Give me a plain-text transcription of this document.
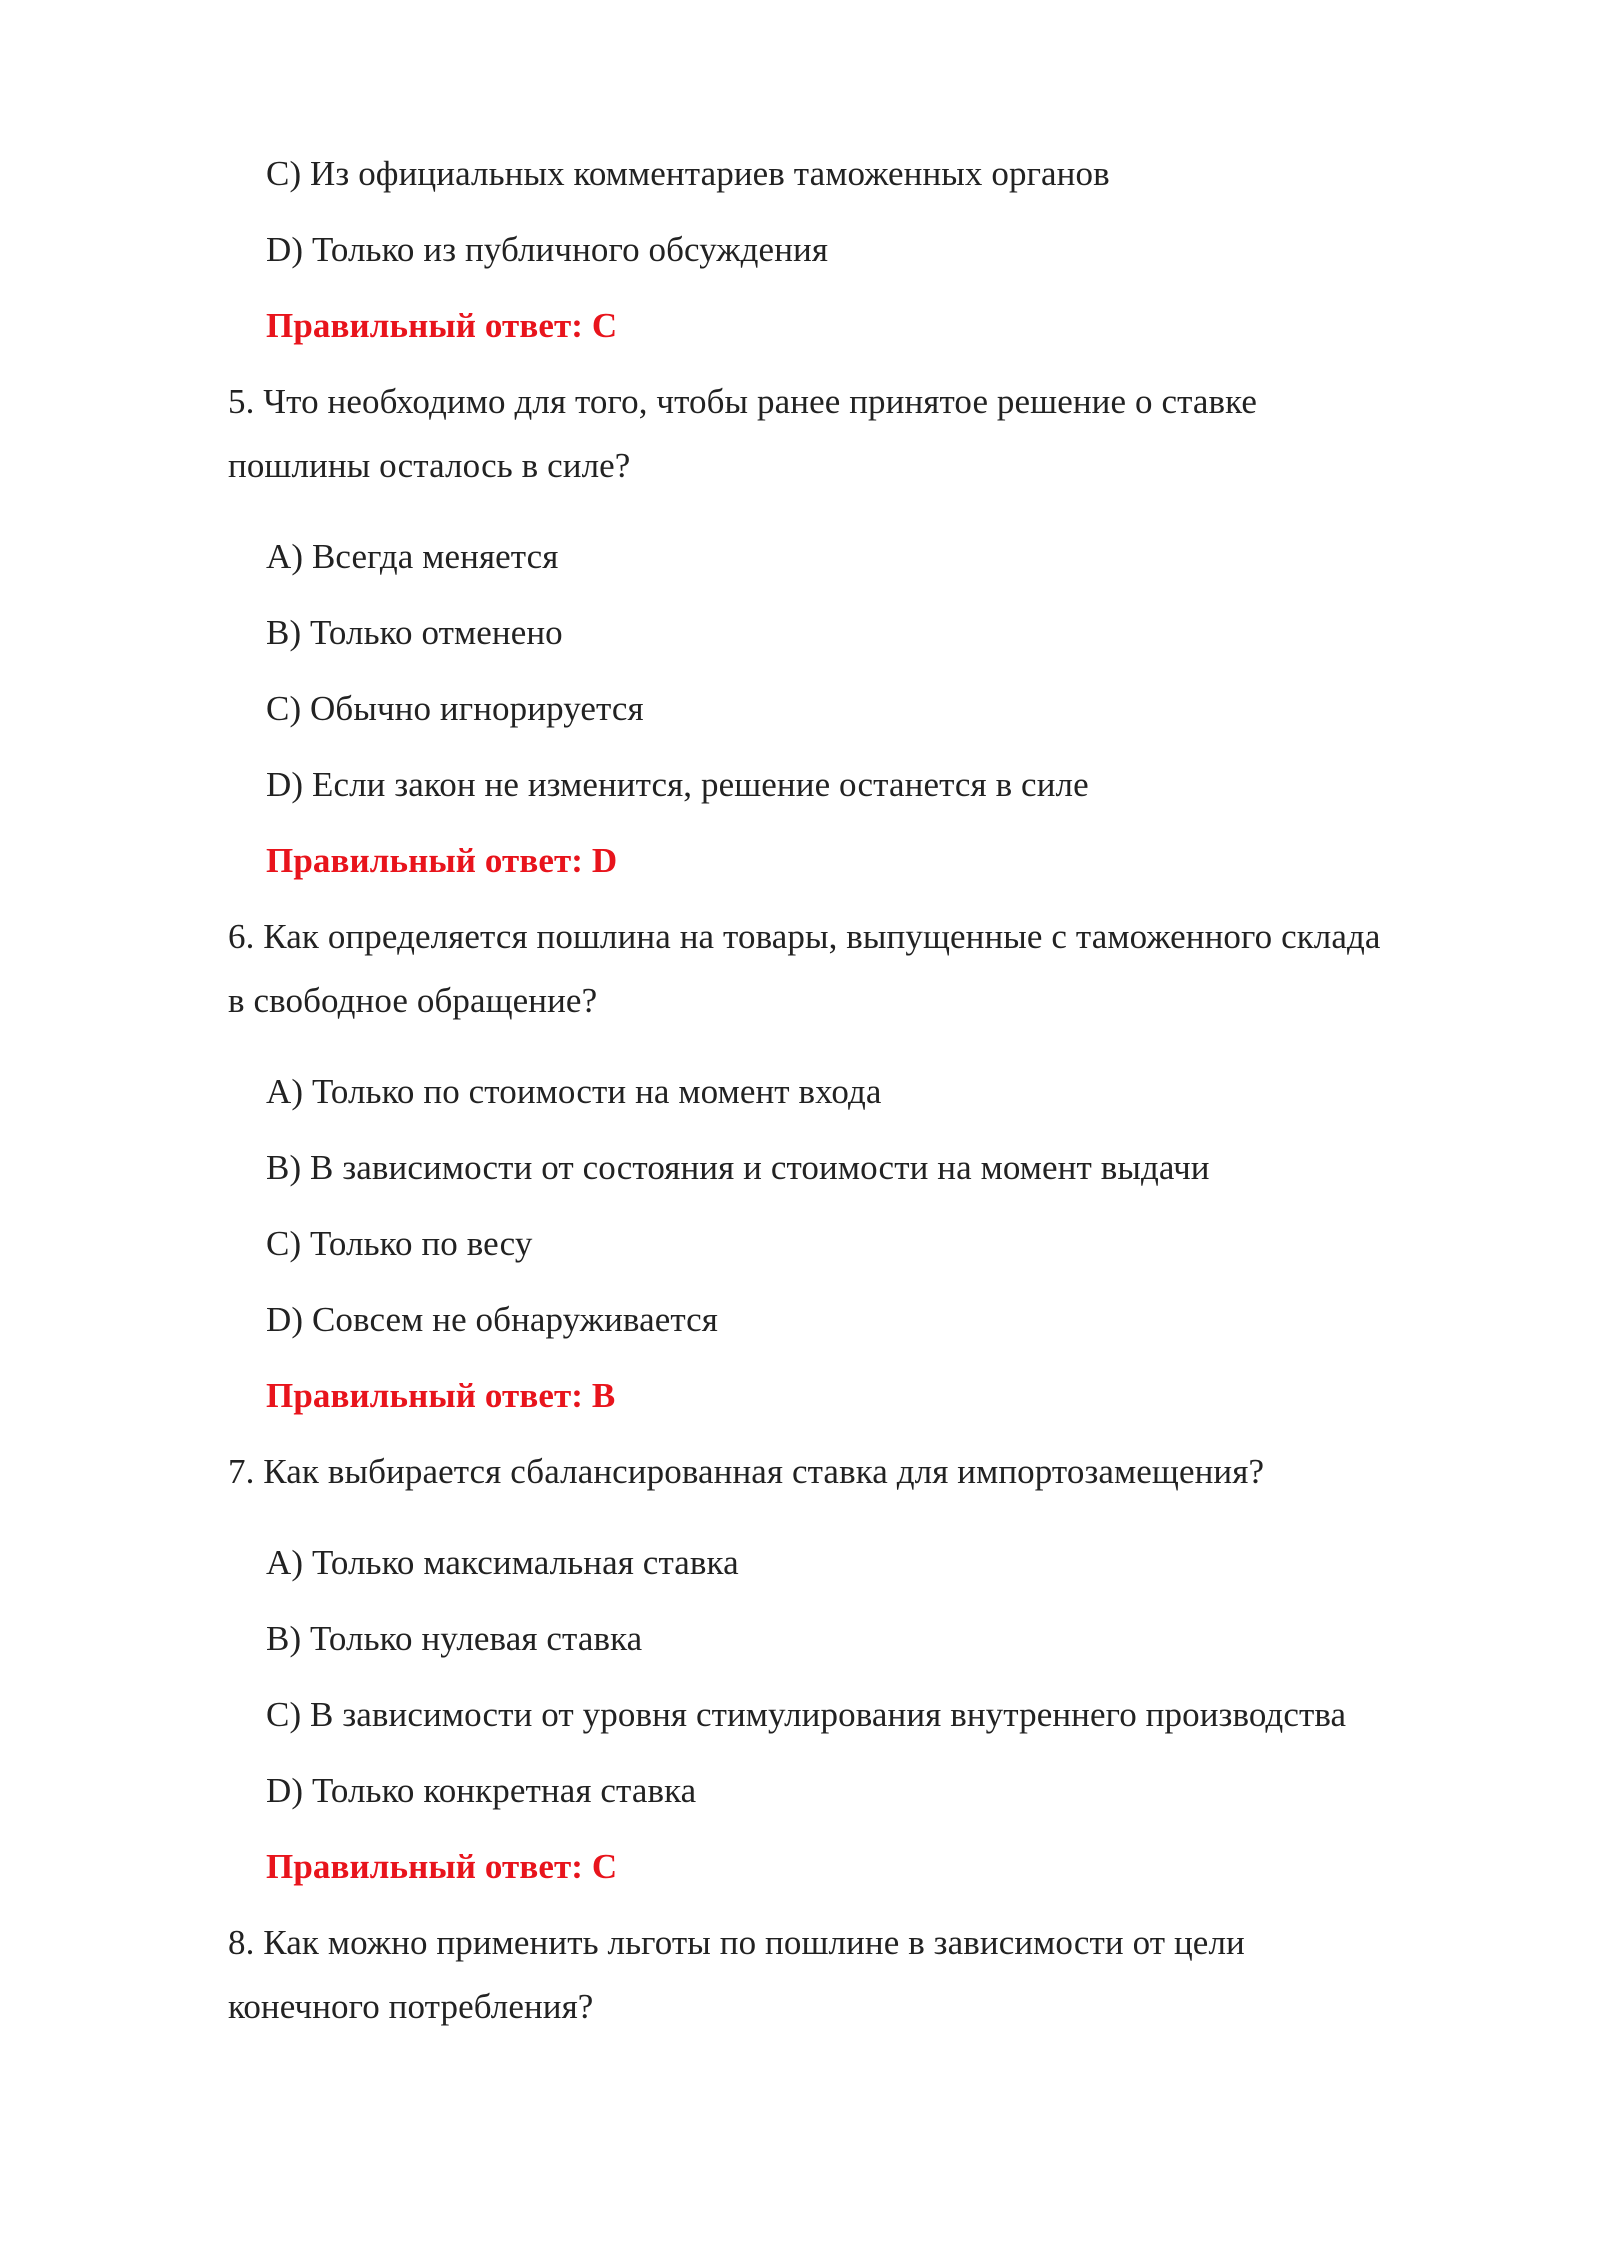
C) Из официальных комментариев таможенных органов
D) Только из публичного обсуждения
Правильный ответ: C
5. Что необходимо для того, чтобы ранее принятое решение о ставке
пошлины осталось в силе?
A) Всегда меняется
B) Только отменено
C) Обычно игнорируется
D) Если закон не изменится, решение останется в силе
Правильный ответ: D
6. Как определяется пошлина на товары, выпущенные с таможенного склада
в свободное обращение?
A) Только по стоимости на момент входа
B) В зависимости от состояния и стоимости на момент выдачи
C) Только по весу
D) Совсем не обнаруживается
Правильный ответ: B
7. Как выбирается сбалансированная ставка для импортозамещения?
A) Только максимальная ставка
B) Только нулевая ставка
C) В зависимости от уровня стимулирования внутреннего производства
D) Только конкретная ставка
Правильный ответ: C
8. Как можно применить льготы по пошлине в зависимости от цели
конечного потребления?
